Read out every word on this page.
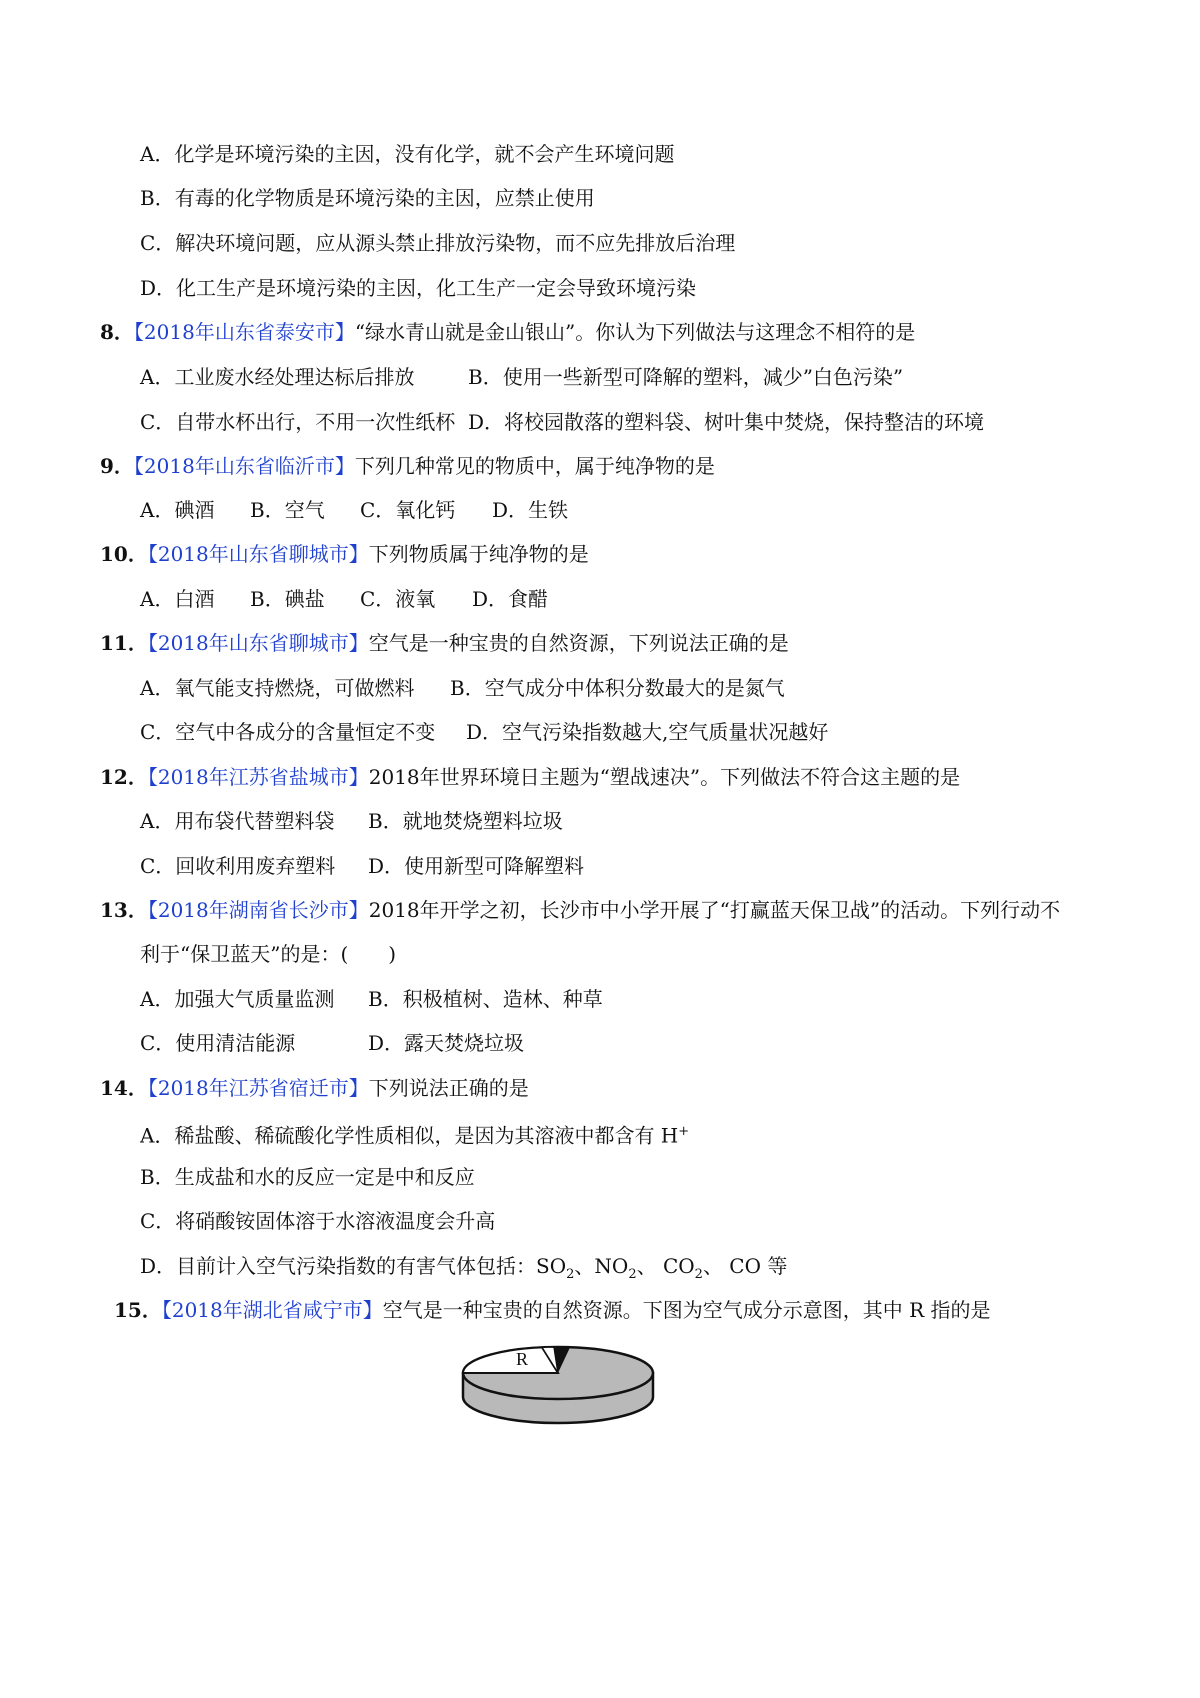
A．化学是环境污染的主因，没有化学，就不会产生环境问题
B．有毒的化学物质是环境污染的主因，应禁止使用
C．解决环境问题，应从源头禁止排放污染物，而不应先排放后治理
D．化工生产是环境污染的主因，化工生产一定会导致环境污染
8．【2018年山东省泰安市】“绿水青山就是金山银山”。你认为下列做法与这理念不相符的是
A．工业废水经处理达标后排放	B．使用一些新型可降解的塑料，减少”白色污染”
C．自带水杯出行，不用一次性纸杯 D．将校园散落的塑料袋、树叶集中焚烧，保持整洁的环境
9．【2018年山东省临沂市】下列几种常见的物质中，属于纯净物的是
A．碘酒 B．空气 C．氧化钙 D．生铁
10．【2018年山东省聊城市】下列物质属于纯净物的是
A．白酒 B．碘盐 C．液氧 D．食醋
11．【2018年山东省聊城市】空气是一种宝贵的自然资源，下列说法正确的是
A．氧气能支持燃烧，可做燃料 B．空气成分中体积分数最大的是氮气
C．空气中各成分的含量恒定不变 D．空气污染指数越大,空气质量状况越好
12．【2018年江苏省盐城市】2018年世界环境日主题为“塑战速决”。下列做法不符合这主题的是
A．用布袋代替塑料袋 B．就地焚烧塑料垃圾
C．回收利用废弃塑料 D．使用新型可降解塑料
13．【2018年湖南省长沙市】2018年开学之初，长沙市中小学开展了“打赢蓝天保卫战”的活动。下列行动不
利于“保卫蓝天”的是：(　　)
A．加强大气质量监测 B．积极植树、造林、种草
C．使用清洁能源	D．露天焚烧垃圾
14．【2018年江苏省宿迁市】下列说法正确的是
A．稀盐酸、稀硫酸化学性质相似，是因为其溶液中都含有 H+
B．生成盐和水的反应一定是中和反应
C．将硝酸铵固体溶于水溶液温度会升高
D．目前计入空气污染指数的有害气体包括：$SO_2$、$NO_2$、 $CO_2$、 CO 等
15．【2018年湖北省咸宁市】空气是一种宝贵的自然资源。下图为空气成分示意图，其中 R 指的是
R
